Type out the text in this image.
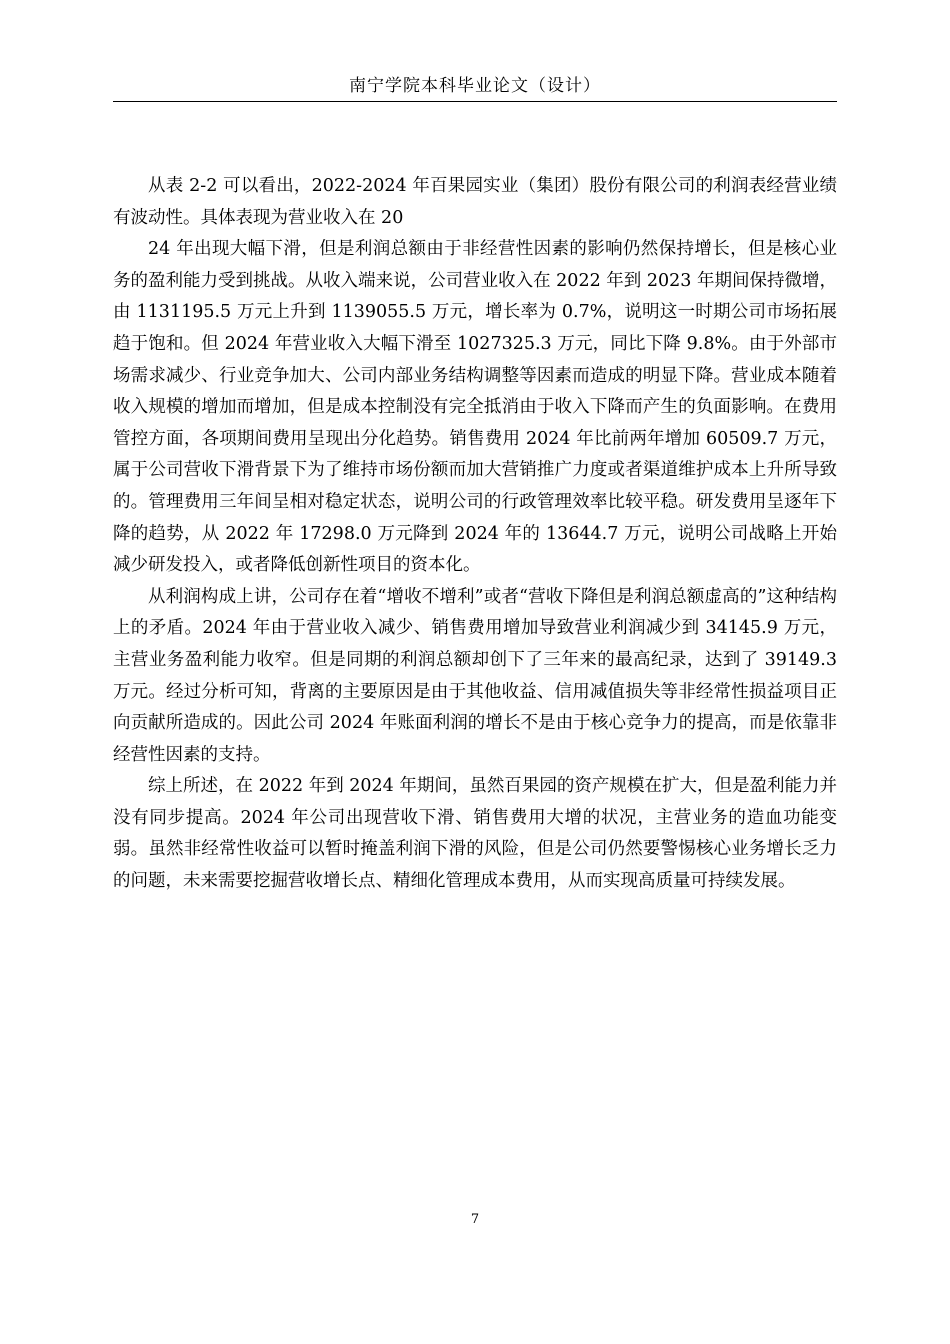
南宁学院本科毕业论文（设计）

从表 2-2 可以看出，2022-2024 年百果园实业（集团）股份有限公司的利润表经营业绩有波动性。具体表现为营业收入在 20

24 年出现大幅下滑，但是利润总额由于非经营性因素的影响仍然保持增长，但是核心业务的盈利能力受到挑战。从收入端来说，公司营业收入在 2022 年到 2023 年期间保持微增，由 1131195.5 万元上升到 1139055.5 万元，增长率为 0.7%，说明这一时期公司市场拓展趋于饱和。但 2024 年营业收入大幅下滑至 1027325.3 万元，同比下降 9.8%。由于外部市场需求减少、行业竞争加大、公司内部业务结构调整等因素而造成的明显下降。营业成本随着收入规模的增加而增加，但是成本控制没有完全抵消由于收入下降而产生的负面影响。在费用管控方面，各项期间费用呈现出分化趋势。销售费用 2024 年比前两年增加 60509.7 万元，属于公司营收下滑背景下为了维持市场份额而加大营销推广力度或者渠道维护成本上升所导致的。管理费用三年间呈相对稳定状态，说明公司的行政管理效率比较平稳。研发费用呈逐年下降的趋势，从 2022 年 17298.0 万元降到 2024 年的 13644.7 万元，说明公司战略上开始减少研发投入，或者降低创新性项目的资本化。

从利润构成上讲，公司存在着“增收不增利”或者“营收下降但是利润总额虚高的”这种结构上的矛盾。2024 年由于营业收入减少、销售费用增加导致营业利润减少到 34145.9 万元，主营业务盈利能力收窄。但是同期的利润总额却创下了三年来的最高纪录，达到了 39149.3 万元。经过分析可知，背离的主要原因是由于其他收益、信用减值损失等非经常性损益项目正向贡献所造成的。因此公司 2024 年账面利润的增长不是由于核心竞争力的提高，而是依靠非经营性因素的支持。

综上所述，在 2022 年到 2024 年期间，虽然百果园的资产规模在扩大，但是盈利能力并没有同步提高。2024 年公司出现营收下滑、销售费用大增的状况，主营业务的造血功能变弱。虽然非经常性收益可以暂时掩盖利润下滑的风险，但是公司仍然要警惕核心业务增长乏力的问题，未来需要挖掘营收增长点、精细化管理成本费用，从而实现高质量可持续发展。

7
